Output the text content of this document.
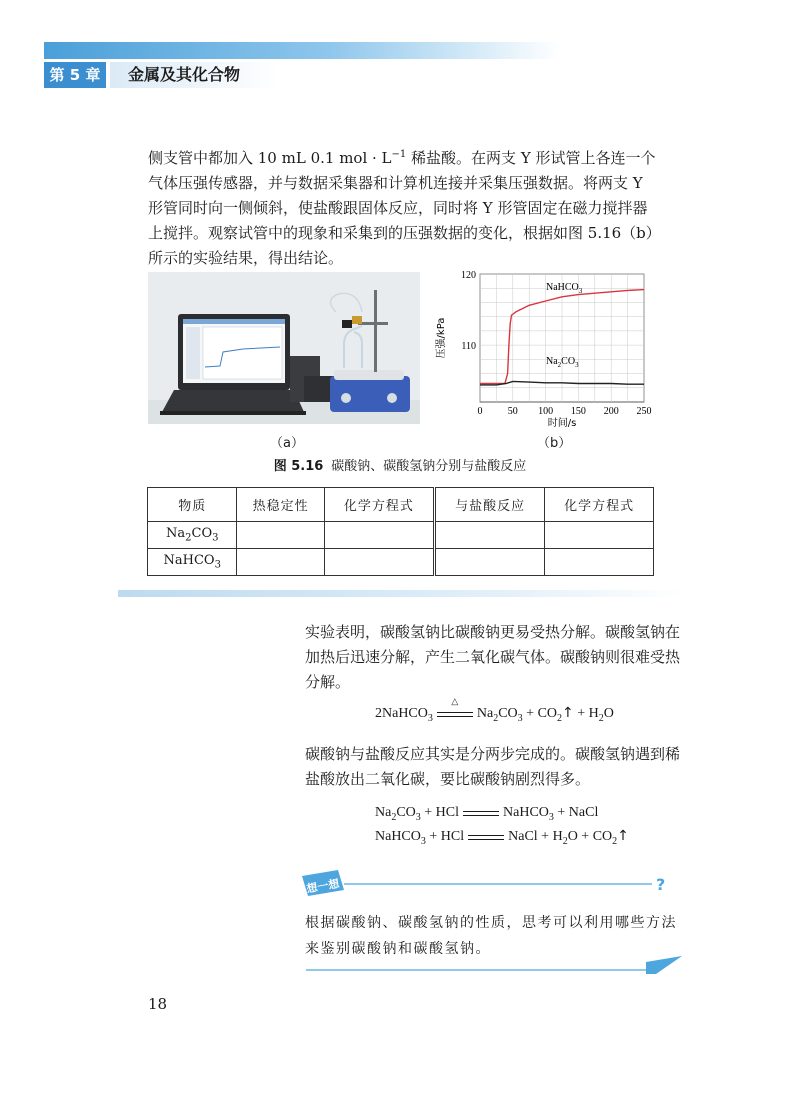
第 5 章	金属及其化合物

侧支管中都加入 10 mL 0.1 mol · $L^{-1}$ 稀盐酸。在两支 Y 形试管上各连一个气体压强传感器，并与数据采集器和计算机连接并采集压强数据。将两支 Y 形管同时向一侧倾斜，使盐酸跟固体反应，同时将 Y 形管固定在磁力搅拌器上搅拌。观察试管中的现象和采集到的压强数据的变化，根据如图 5.16（b）所示的实验结果，得出结论。

0	50 100 150 200 250
110
120
压强/kPa
时间/s
NaHCO$_3$
$Na_2CO_3$
（a）	（b）
图 5.16 碳酸钠、碳酸氢钠分别与盐酸反应
物质	热稳定性	化学方程式	与盐酸反应	化学方程式
$Na_2CO_3$				
NaHCO$_3$				

实验表明，碳酸氢钠比碳酸钠更易受热分解。碳酸氢钠在加热后迅速分解，产生二氧化碳气体。碳酸钠则很难受热分解。

2NaHCO$_3$
△
$Na_2CO_3$ + $CO_2↑ + H_2O$

碳酸钠与盐酸反应其实是分两步完成的。碳酸氢钠遇到稀盐酸放出二氧化碳，要比碳酸钠剧烈得多。

$Na_2CO_3$ + HCl	NaHCO$_3$ + NaCl
NaHCO$_3$ + HCl	NaCl + $H_2O$ + $CO_2↑$
想一想	?
根据碳酸钠、碳酸氢钠的性质，思考可以利用哪些方法来鉴别碳酸钠和碳酸氢钠。
18
